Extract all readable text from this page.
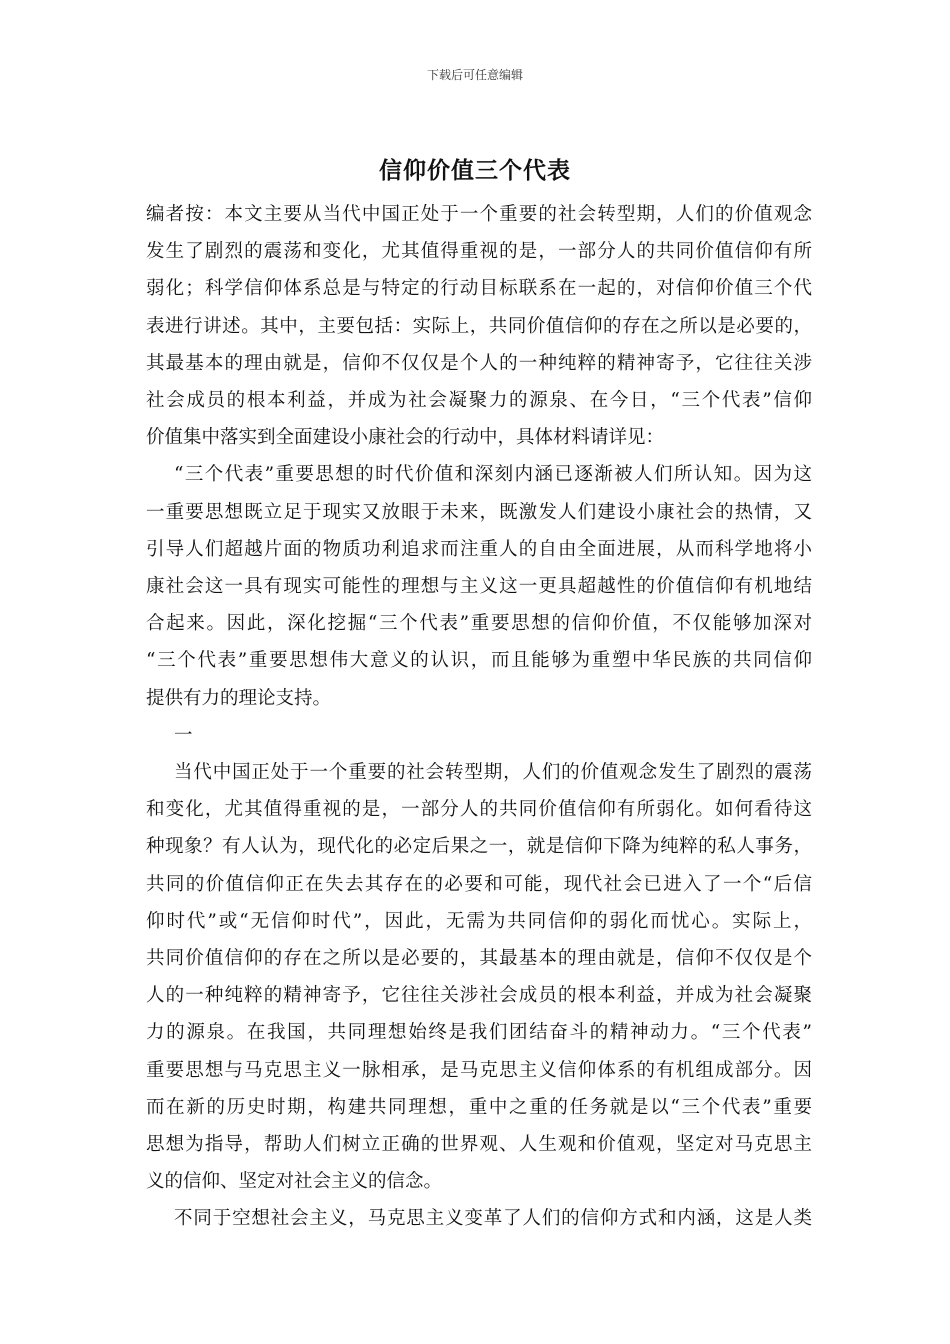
下载后可任意编辑
信仰价值三个代表
编者按：本文主要从当代中国正处于一个重要的社会转型期，人们的价值观念
发生了剧烈的震荡和变化，尤其值得重视的是，一部分人的共同价值信仰有所
弱化；科学信仰体系总是与特定的行动目标联系在一起的，对信仰价值三个代
表进行讲述。其中，主要包括：实际上，共同价值信仰的存在之所以是必要的，
其最基本的理由就是，信仰不仅仅是个人的一种纯粹的精神寄予，它往往关涉
社会成员的根本利益，并成为社会凝聚力的源泉、在今日，“三个代表”信仰
价值集中落实到全面建设小康社会的行动中，具体材料请详见：
“三个代表”重要思想的时代价值和深刻内涵已逐渐被人们所认知。因为这
一重要思想既立足于现实又放眼于未来，既激发人们建设小康社会的热情，又
引导人们超越片面的物质功利追求而注重人的自由全面进展，从而科学地将小
康社会这一具有现实可能性的理想与主义这一更具超越性的价值信仰有机地结
合起来。因此，深化挖掘“三个代表”重要思想的信仰价值，不仅能够加深对
“三个代表”重要思想伟大意义的认识，而且能够为重塑中华民族的共同信仰
提供有力的理论支持。
一
当代中国正处于一个重要的社会转型期，人们的价值观念发生了剧烈的震荡
和变化，尤其值得重视的是，一部分人的共同价值信仰有所弱化。如何看待这
种现象？有人认为，现代化的必定后果之一，就是信仰下降为纯粹的私人事务，
共同的价值信仰正在失去其存在的必要和可能，现代社会已进入了一个“后信
仰时代”或“无信仰时代”，因此，无需为共同信仰的弱化而忧心。实际上，
共同价值信仰的存在之所以是必要的，其最基本的理由就是，信仰不仅仅是个
人的一种纯粹的精神寄予，它往往关涉社会成员的根本利益，并成为社会凝聚
力的源泉。在我国，共同理想始终是我们团结奋斗的精神动力。“三个代表”
重要思想与马克思主义一脉相承，是马克思主义信仰体系的有机组成部分。因
而在新的历史时期，构建共同理想，重中之重的任务就是以“三个代表”重要
思想为指导，帮助人们树立正确的世界观、人生观和价值观，坚定对马克思主
义的信仰、坚定对社会主义的信念。
不同于空想社会主义，马克思主义变革了人们的信仰方式和内涵，这是人类
